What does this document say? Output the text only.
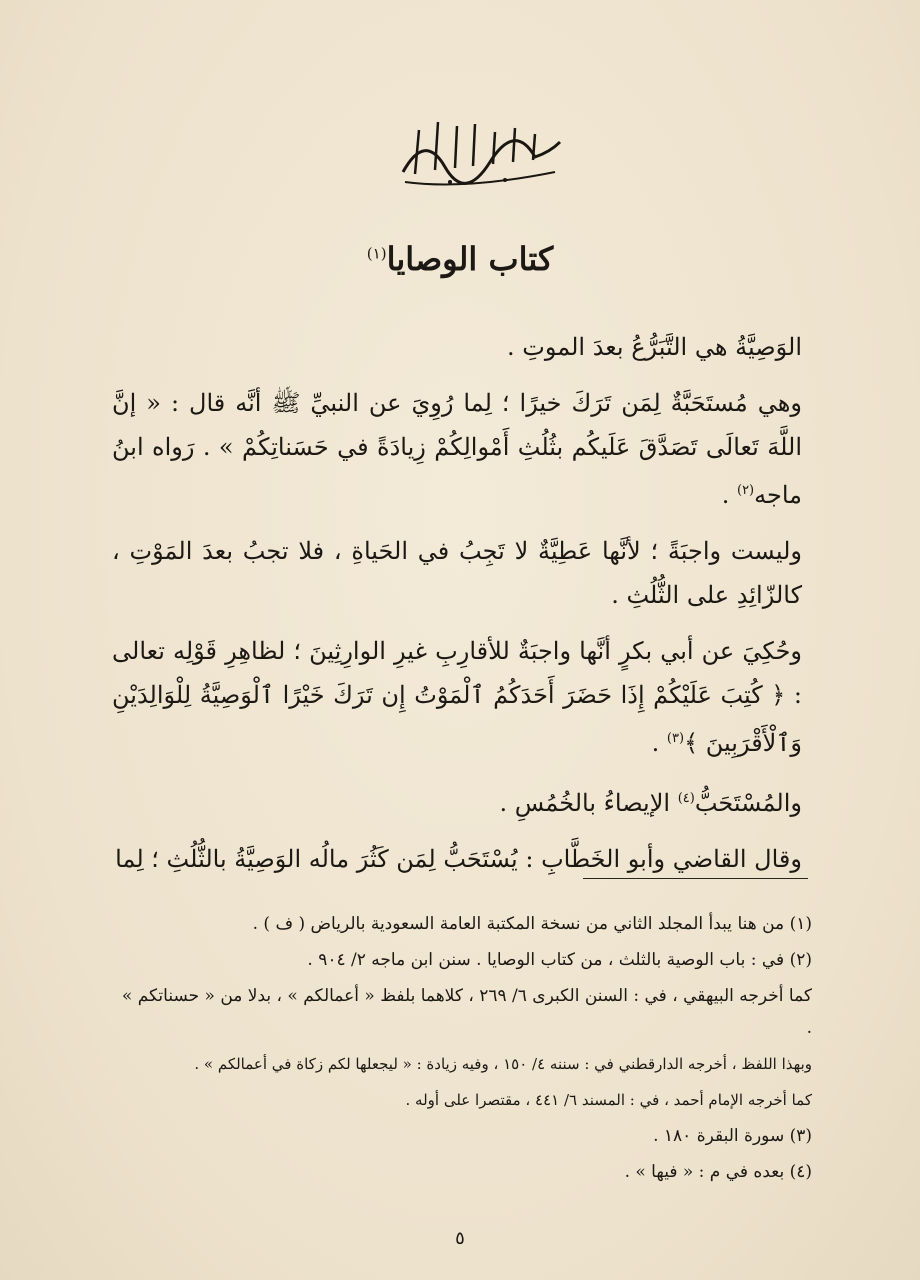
كتاب الوصايا$^{(١)}$

الوَصِيَّةُ هي التَّبَرُّعُ بعدَ الموتِ .

وهي مُستَحَبَّةٌ لِمَن تَرَكَ خيرًا ؛ لِما رُوِيَ عن النبيِّ ﷺ أنَّه قال : « إنَّ اللَّهَ تَعالَى تَصَدَّقَ عَلَيكُم بثُلُثِ أَمْوالِكُمْ زِيادَةً في حَسَناتِكُمْ » . رَواه ابنُ ماجه$^{(٢)}$ .

وليست واجبَةً ؛ لأنَّها عَطِيَّةٌ لا تَجِبُ في الحَياةِ ، فلا تجبُ بعدَ المَوْتِ ، كالزّائِدِ على الثُّلُثِ .

وحُكِيَ عن أبي بكرٍ أنَّها واجبَةٌ للأقارِبِ غيرِ الوارِثِينَ ؛ لظاهِرِ قَوْلِه تعالى : ﴿ كُتِبَ عَلَيْكُمْ إِذَا حَضَرَ أَحَدَكُمُ ٱلْمَوْتُ إِن تَرَكَ خَيْرًا ٱلْوَصِيَّةُ لِلْوَالِدَيْنِ وَٱلْأَقْرَبِينَ ﴾$^{(٣)}$ .

والمُسْتَحَبُّ$^{(٤)}$ الإيصاءُ بالخُمُسِ .

وقال القاضي وأبو الخَطَّابِ : يُسْتَحَبُّ لِمَن كَثُرَ مالُه الوَصِيَّةُ بالثُّلُثِ ؛ لِما

(١) من هنا يبدأ المجلد الثاني من نسخة المكتبة العامة السعودية بالرياض ( ف ) .

(٢) في : باب الوصية بالثلث ، من كتاب الوصايا . سنن ابن ماجه ٢/ ٩٠٤ .

كما أخرجه البيهقي ، في : السنن الكبرى ٦/ ٢٦٩ ، كلاهما بلفظ « أعمالكم » ، بدلا من « حسناتكم » .

وبهذا اللفظ ، أخرجه الدارقطني في : سننه ٤/ ١٥٠ ، وفيه زيادة : « ليجعلها لكم زكاة في أعمالكم » .

كما أخرجه الإمام أحمد ، في : المسند ٦/ ٤٤١ ، مقتصرا على أوله .

(٣) سورة البقرة ١٨٠ .

(٤) بعده في م : « فيها » .

٥
